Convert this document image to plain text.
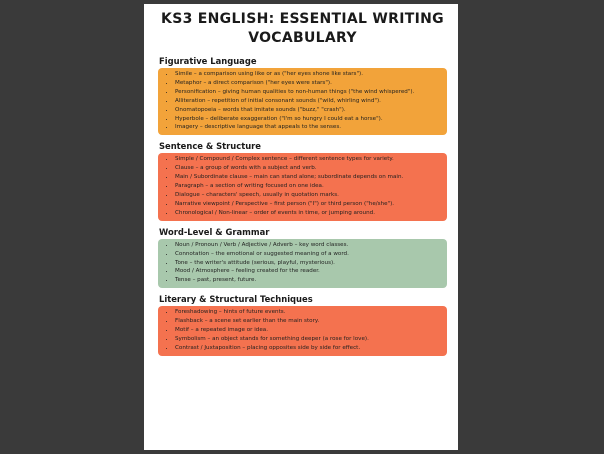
KS3 ENGLISH: ESSENTIAL WRITING
VOCABULARY
Figurative Language
• Simile – a comparison using like or as ("her eyes shone like stars").
• Metaphor – a direct comparison ("her eyes were stars").
• Personification – giving human qualities to non-human things ("the wind whispered").
• Alliteration – repetition of initial consonant sounds ("wild, whirling wind").
• Onomatopoeia – words that imitate sounds ("buzz," "crash").
• Hyperbole – deliberate exaggeration ("I'm so hungry I could eat a horse").
• Imagery – descriptive language that appeals to the senses.
Sentence & Structure
• Simple / Compound / Complex sentence – different sentence types for variety.
• Clause – a group of words with a subject and verb.
• Main / Subordinate clause – main can stand alone; subordinate depends on main.
• Paragraph – a section of writing focused on one idea.
• Dialogue – characters' speech, usually in quotation marks.
• Narrative viewpoint / Perspective – first person ("I") or third person ("he/she").
• Chronological / Non-linear – order of events in time, or jumping around.
Word-Level & Grammar
• Noun / Pronoun / Verb / Adjective / Adverb – key word classes.
• Connotation – the emotional or suggested meaning of a word.
• Tone – the writer's attitude (serious, playful, mysterious).
• Mood / Atmosphere – feeling created for the reader.
• Tense – past, present, future.
Literary & Structural Techniques
• Foreshadowing – hints of future events.
• Flashback – a scene set earlier than the main story.
• Motif – a repeated image or idea.
• Symbolism – an object stands for something deeper (a rose for love).
• Contrast / Juxtaposition – placing opposites side by side for effect.
